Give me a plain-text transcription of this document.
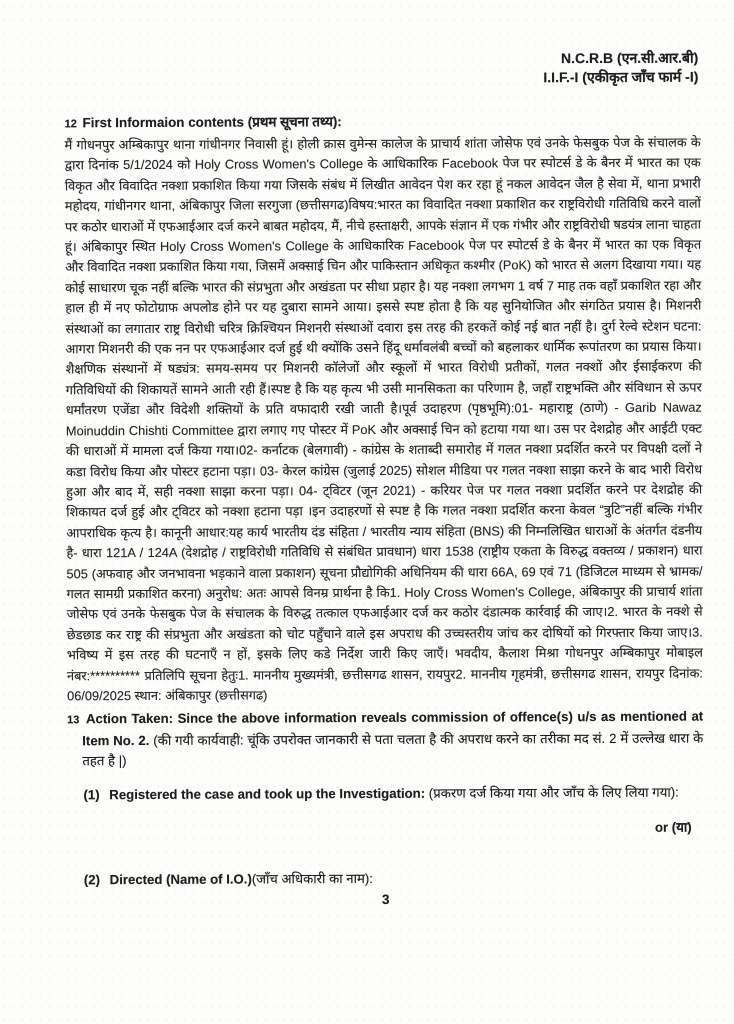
N.C.R.B (एन.सी.आर.बी)
I.I.F.-I (एकीकृत जाँच फार्म -I)
12 First Informaion contents (प्रथम सूचना तथ्य):
मैं गोधनपुर अम्बिकापुर थाना गांधीनगर निवासी हूं। होली क्रास वुमेन्स कालेज के प्राचार्य शांता जोसेफ एवं उनके फेसबुक पेज के संचालक के द्वारा दिनांक 5/1/2024 को Holy Cross Women's College के आधिकारिक Facebook पेज पर स्पोटर्स डे के बैनर में भारत का एक विकृत और विवादित नक्शा प्रकाशित किया गया जिसके संबंध में लिखीत आवेदन पेश कर रहा हूं नकल आवेदन जैल है सेवा में, थाना प्रभारी महोदय, गांधीनगर थाना, अंबिकापुर जिला सरगुजा (छत्तीसगढ)विषय:भारत का विवादित नक्शा प्रकाशित कर राष्ट्रविरोधी गतिविधि करने वालों पर कठोर धाराओं में एफआईआर दर्ज करने बाबत महोदय, मैं, नीचे हस्ताक्षरी, आपके संज्ञान में एक गंभीर और राष्ट्रविरोधी षडयंत्र लाना चाहता हूं। अंबिकापुर स्थित Holy Cross Women's College के आधिकारिक Facebook पेज पर स्पोटर्स डे के बैनर में भारत का एक विकृत और विवादित नक्शा प्रकाशित किया गया, जिसमें अक्साई चिन और पाकिस्तान अधिकृत कश्मीर (PoK) को भारत से अलग दिखाया गया। यह कोई साधारण चूक नहीं बल्कि भारत की संप्रभुता और अखंडता पर सीधा प्रहार है। यह नक्शा लगभग 1 वर्ष 7 माह तक वहाँ प्रकाशित रहा और हाल ही में नए फोटोग्राफ अपलोड होने पर यह दुबारा सामने आया। इससे स्पष्ट होता है कि यह सुनियोजित और संगठित प्रयास है। मिशनरी संस्थाओं का लगातार राष्ट्र विरोधी चरित्र क्रिश्चियन मिशनरी संस्थाओं दवारा इस तरह की हरकतें कोई नई बात नहीं है। दुर्ग रेल्वे स्टेशन घटना: आगरा मिशनरी की एक नन पर एफआईआर दर्ज हुई थी क्योंकि उसने हिंदू धर्मावलंबी बच्चों को बहलाकर धार्मिक रूपांतरण का प्रयास किया। शैक्षणिक संस्थानों में षड्यंत्र: समय-समय पर मिशनरी कॉलेजों और स्कूलों में भारत विरोधी प्रतीकों, गलत नक्शों और ईसाईकरण की गतिविधियों की शिकायतें सामने आती रही हैं।स्पष्ट है कि यह कृत्य भी उसी मानसिकता का परिणाम है, जहाँ राष्ट्रभक्ति और संविधान से ऊपर धर्मांतरण एजेंडा और विदेशी शक्तियों के प्रति वफादारी रखी जाती है।पूर्व उदाहरण (पृष्ठभूमि):01- महाराष्ट्र (ठाणे) - Garib Nawaz Moinuddin Chishti Committee द्वारा लगाए गए पोस्टर में PoK और अक्साई चिन को हटाया गया था। उस पर देशद्रोह और आईटी एक्ट की धाराओं में मामला दर्ज किया गया।02- कर्नाटक (बेलगावी) - कांग्रेस के शताब्दी समारोह में गलत नक्शा प्रदर्शित करने पर विपक्षी दलों ने कडा विरोध किया और पोस्टर हटाना पड़ा। 03- केरल कांग्रेस (जुलाई 2025) सोशल मीडिया पर गलत नक्शा साझा करने के बाद भारी विरोध हुआ और बाद में, सही नक्शा साझा करना पड़ा। 04- ट्विटर (जून 2021) - करियर पेज पर गलत नक्शा प्रदर्शित करने पर देशद्रोह की शिकायत दर्ज हुई और ट्विटर को नक्शा हटाना पड़ा ।इन उदाहरणों से स्पष्ट है कि गलत नक्शा प्रदर्शित करना केवल “त्रुटि”नहीं बल्कि गंभीर आपराधिक कृत्य है। कानूनी आधार:यह कार्य भारतीय दंड संहिता / भारतीय न्याय संहिता (BNS) की निम्नलिखित धाराओं के अंतर्गत दंडनीय है- धारा 121A / 124A (देशद्रोह / राष्ट्रविरोधी गतिविधि से संबंधित प्रावधान) धारा 1538 (राष्ट्रीय एकता के विरुद्ध वक्तव्य / प्रकाशन) धारा 505 (अफवाह और जनभावना भड़काने वाला प्रकाशन) सूचना प्रौद्योगिकी अधिनियम की धारा 66A, 69 एवं 71 (डिजिटल माध्यम से भ्रामक/गलत सामग्री प्रकाशित करना) अनुरोध: अतः आपसे विनम्र प्रार्थना है कि1. Holy Cross Women's College, अंबिकापुर की प्राचार्य शांता जोसेफ एवं उनके फेसबुक पेज के संचालक के विरुद्ध तत्काल एफआईआर दर्ज कर कठोर दंडात्मक कार्रवाई की जाए।2. भारत के नक्शे से छेडछाड कर राष्ट्र की संप्रभुता और अखंडता को चोट पहुँचाने वाले इस अपराध की उच्चस्तरीय जांच कर दोषियों को गिरफ्तार किया जाए।3. भविष्य में इस तरह की घटनाएँ न हों, इसके लिए कडे निर्देश जारी किए जाएँ। भवदीय, कैलाश मिश्रा गोधनपुर अम्बिकापुर मोबाइल नंबर:********** प्रतिलिपि सूचना हेतुः1. माननीय मुख्यमंत्री, छत्तीसगढ शासन, रायपुर2. माननीय गृहमंत्री, छत्तीसगढ शासन, रायपुर दिनांक: 06/09/2025 स्थान: अंबिकापुर (छत्तीसगढ)
13 Action Taken: Since the above information reveals commission of offence(s) u/s as mentioned at Item No. 2. (की गयी कार्यवाही: चूंकि उपरोक्त जानकारी से पता चलता है की अपराध करने का तरीका मद सं. 2 में उल्लेख धारा के तहत है |)
(1) Registered the case and took up the Investigation: (प्रकरण दर्ज किया गया और जाँच के लिए लिया गया):
or (या)
(2) Directed (Name of I.O.)(जाँच अधिकारी का नाम):
3
